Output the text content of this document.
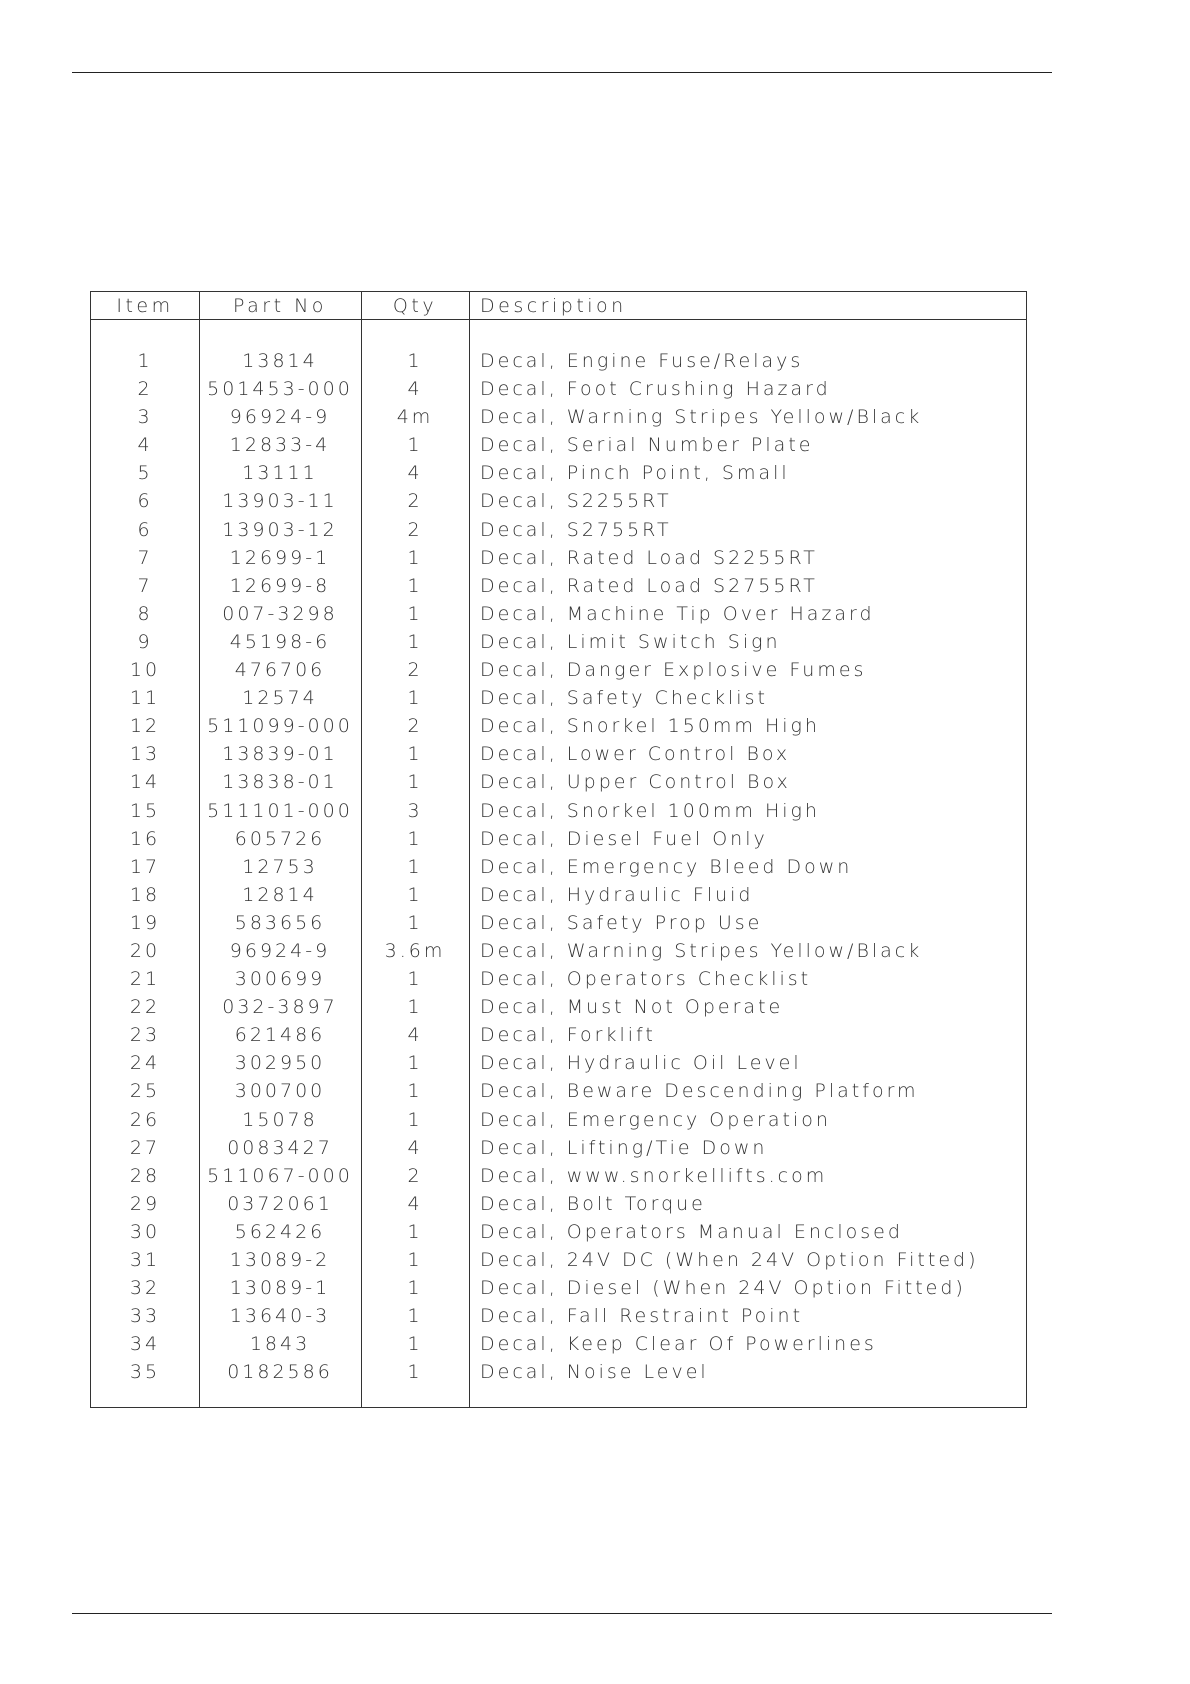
Item	Part No	Qty	Description
1	13814	1	Decal, Engine Fuse/Relays
2	501453-000	4	Decal, Foot Crushing Hazard
3	96924-9	4m	Decal, Warning Stripes Yellow/Black
4	12833-4	1	Decal, Serial Number Plate
5	13111	4	Decal, Pinch Point, Small
6	13903-11	2	Decal, S2255RT
6	13903-12	2	Decal, S2755RT
7	12699-1	1	Decal, Rated Load S2255RT
7	12699-8	1	Decal, Rated Load S2755RT
8	007-3298	1	Decal, Machine Tip Over Hazard
9	45198-6	1	Decal, Limit Switch Sign
10	476706	2	Decal, Danger Explosive Fumes
11	12574	1	Decal, Safety Checklist
12	511099-000	2	Decal, Snorkel 150mm High
13	13839-01	1	Decal, Lower Control Box
14	13838-01	1	Decal, Upper Control Box
15	511101-000	3	Decal, Snorkel 100mm High
16	605726	1	Decal, Diesel Fuel Only
17	12753	1	Decal, Emergency Bleed Down
18	12814	1	Decal, Hydraulic Fluid
19	583656	1	Decal, Safety Prop Use
20	96924-9	3.6m	Decal, Warning Stripes Yellow/Black
21	300699	1	Decal, Operators Checklist
22	032-3897	1	Decal, Must Not Operate
23	621486	4	Decal, Forklift
24	302950	1	Decal, Hydraulic Oil Level
25	300700	1	Decal, Beware Descending Platform
26	15078	1	Decal, Emergency Operation
27	0083427	4	Decal, Lifting/Tie Down
28	511067-000	2	Decal, www.snorkellifts.com
29	0372061	4	Decal, Bolt Torque
30	562426	1	Decal, Operators Manual Enclosed
31	13089-2	1	Decal, 24V DC (When 24V Option Fitted)
32	13089-1	1	Decal, Diesel (When 24V Option Fitted)
33	13640-3	1	Decal, Fall Restraint Point
34	1843	1	Decal, Keep Clear Of Powerlines
35	0182586	1	Decal, Noise Level
